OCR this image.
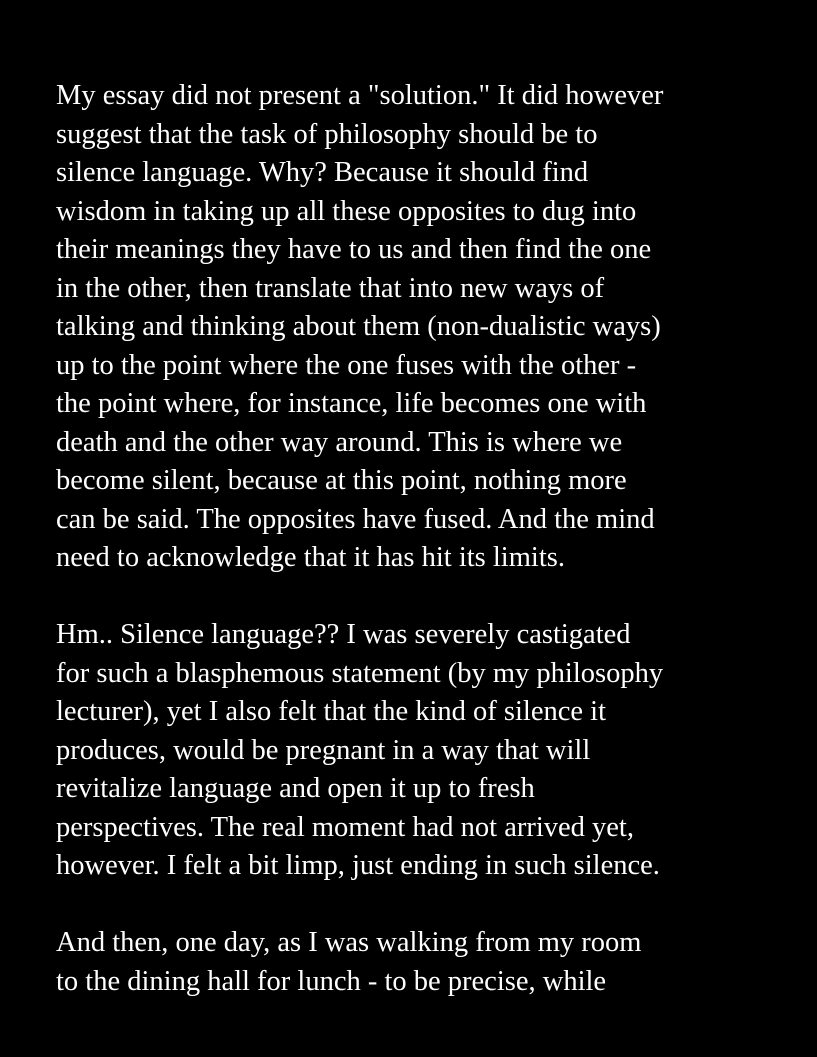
My essay did not present a "solution." It did however
suggest that the task of philosophy should be to
silence language. Why? Because it should find
wisdom in taking up all these opposites to dug into
their meanings they have to us and then find the one
in the other, then translate that into new ways of
talking and thinking about them (non-dualistic ways)
up to the point where the one fuses with the other -
the point where, for instance, life becomes one with
death and the other way around. This is where we
become silent, because at this point, nothing more
can be said. The opposites have fused. And the mind
need to acknowledge that it has hit its limits.
Hm.. Silence language?? I was severely castigated
for such a blasphemous statement (by my philosophy
lecturer), yet I also felt that the kind of silence it
produces, would be pregnant in a way that will
revitalize language and open it up to fresh
perspectives. The real moment had not arrived yet,
however. I felt a bit limp, just ending in such silence.
And then, one day, as I was walking from my room
to the dining hall for lunch - to be precise, while
